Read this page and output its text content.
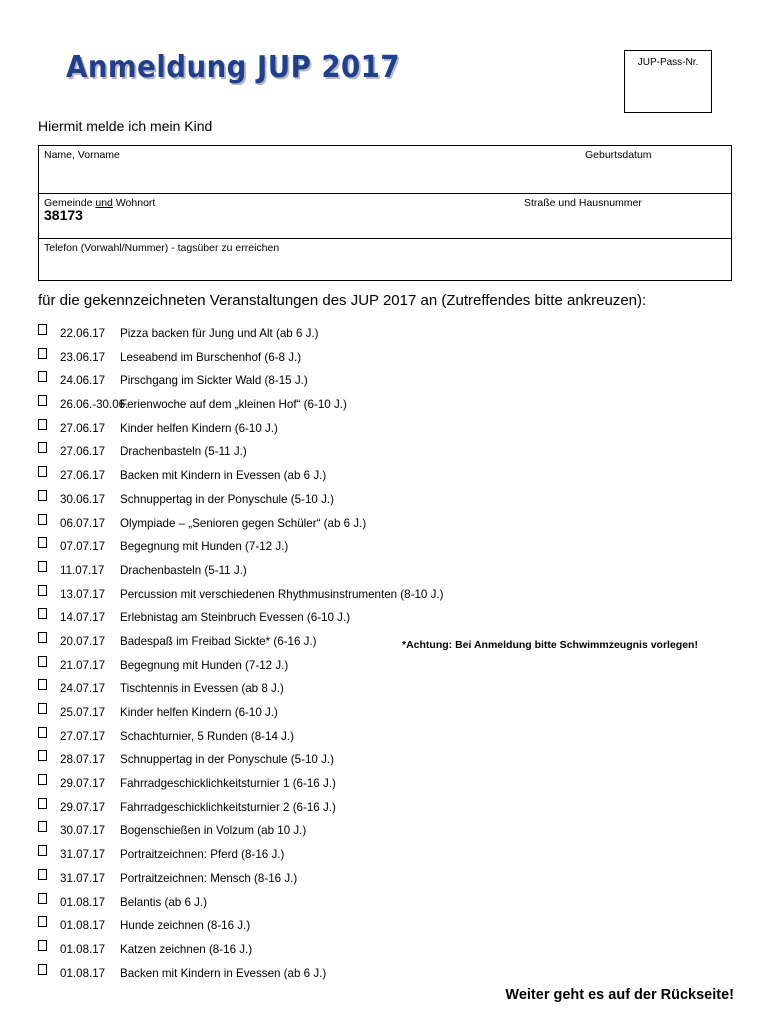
Anmeldung JUP 2017	JUP-Pass-Nr.
Hiermit melde ich mein Kind
Name, Vorname	Geburtsdatum
Gemeinde und Wohnort
38173
Straße und Hausnummer
Telefon (Vorwahl/Nummer) - tagsüber zu erreichen
für die gekennzeichneten Veranstaltungen des JUP 2017 an (Zutreffendes bitte ankreuzen):
22.06.17 Pizza backen für Jung und Alt (ab 6 J.)
23.06.17 Leseabend im Burschenhof (6-8 J.)
24.06.17 Pirschgang im Sickter Wald (8-15 J.)
26.06.-30.06.
Ferienwoche auf dem „kleinen Hof“ (6-10 J.)
27.06.17 Kinder helfen Kindern (6-10 J.)
27.06.17 Drachenbasteln (5-11 J.)
27.06.17 Backen mit Kindern in Evessen (ab 6 J.)
30.06.17 Schnuppertag in der Ponyschule (5-10 J.)
06.07.17 Olympiade – „Senioren gegen Schüler“ (ab 6 J.)
07.07.17 Begegnung mit Hunden (7-12 J.)
11.07.17 Drachenbasteln (5-11 J.)
13.07.17 Percussion mit verschiedenen Rhythmusinstrumenten (8-10 J.)
14.07.17 Erlebnistag am Steinbruch Evessen (6-10 J.)
20.07.17 Badespaß im Freibad Sickte* (6-16 J.)
21.07.17 Begegnung mit Hunden (7-12 J.)
24.07.17 Tischtennis in Evessen (ab 8 J.)
25.07.17 Kinder helfen Kindern (6-10 J.)
27.07.17 Schachturnier, 5 Runden (8-14 J.)
28.07.17 Schnuppertag in der Ponyschule (5-10 J.)
29.07.17 Fahrradgeschicklichkeitsturnier 1 (6-16 J.)
29.07.17 Fahrradgeschicklichkeitsturnier 2 (6-16 J.)
30.07.17 Bogenschießen in Volzum (ab 10 J.)
31.07.17 Portraitzeichnen: Pferd (8-16 J.)
31.07.17 Portraitzeichnen: Mensch (8-16 J.)
01.08.17 Belantis (ab 6 J.)
01.08.17 Hunde zeichnen (8-16 J.)
01.08.17 Katzen zeichnen (8-16 J.)
01.08.17 Backen mit Kindern in Evessen (ab 6 J.)
*Achtung: Bei Anmeldung bitte Schwimmzeugnis vorlegen!
Weiter geht es auf der Rückseite!
